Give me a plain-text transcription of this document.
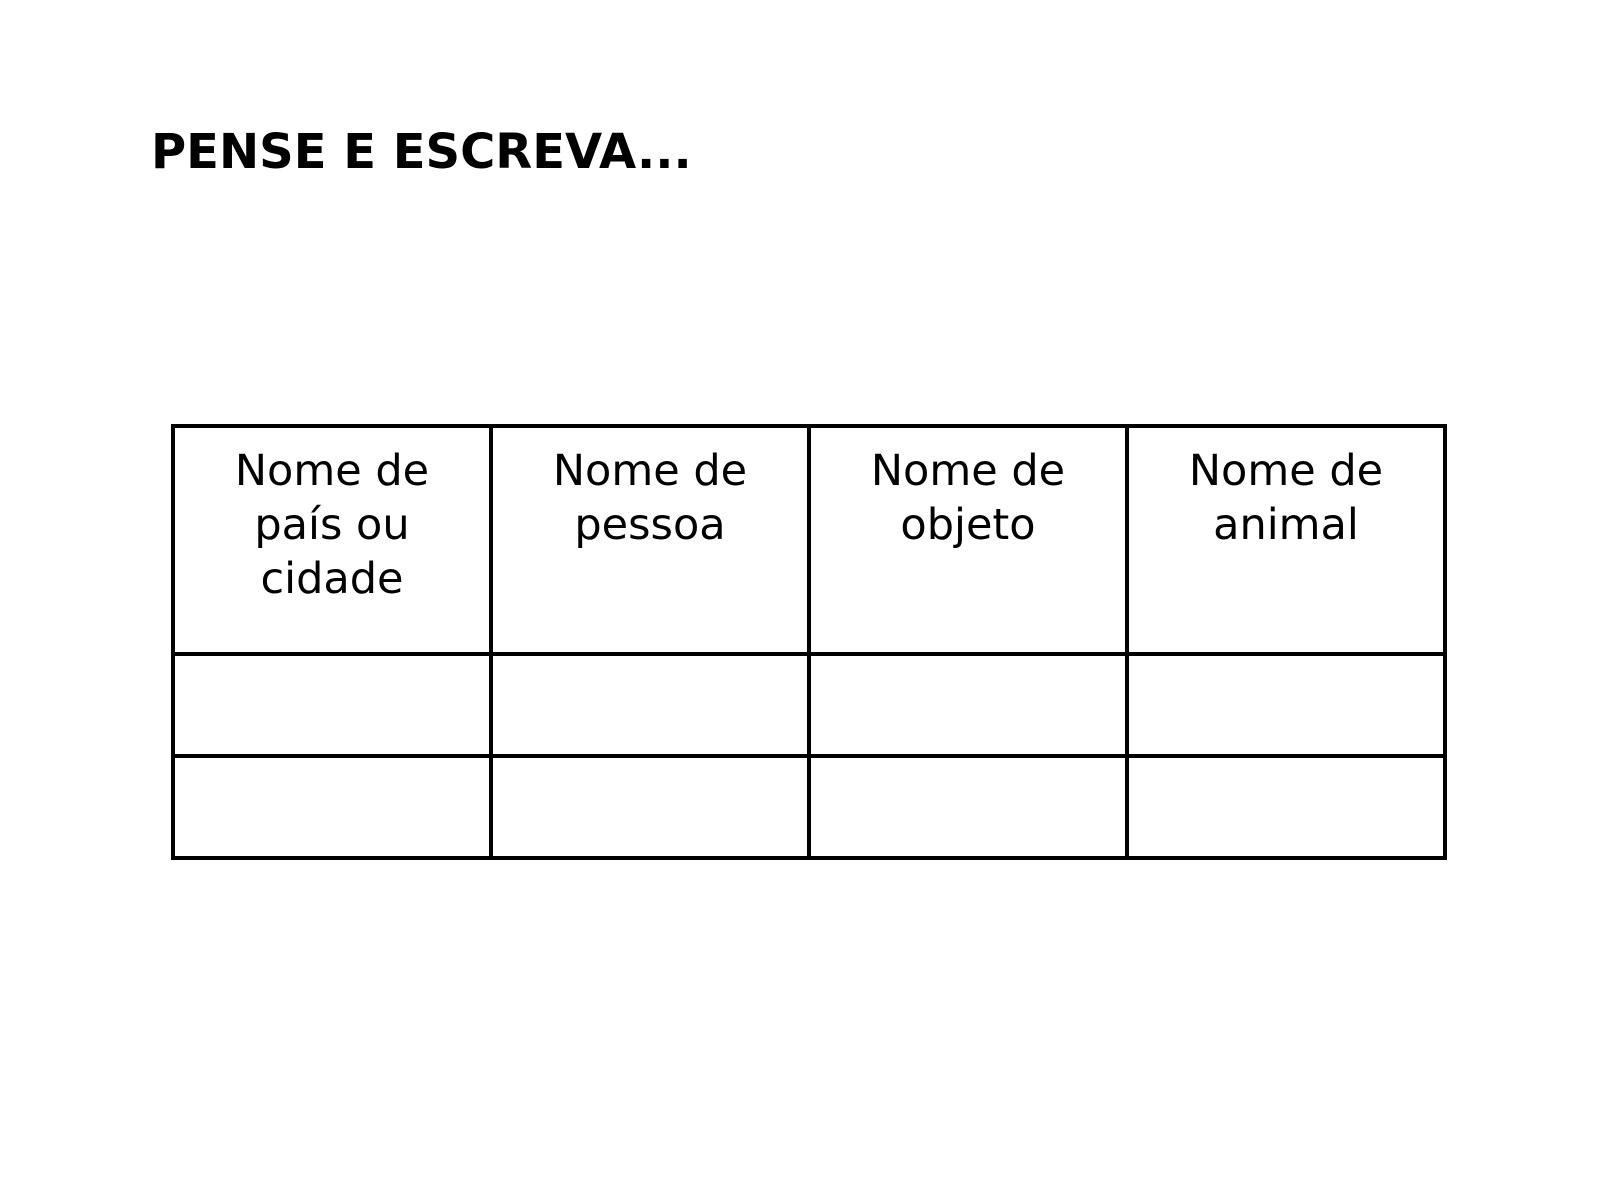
PENSE E ESCREVA...
Nome de país ou cidade	Nome de pessoa	Nome de objeto	Nome de animal
